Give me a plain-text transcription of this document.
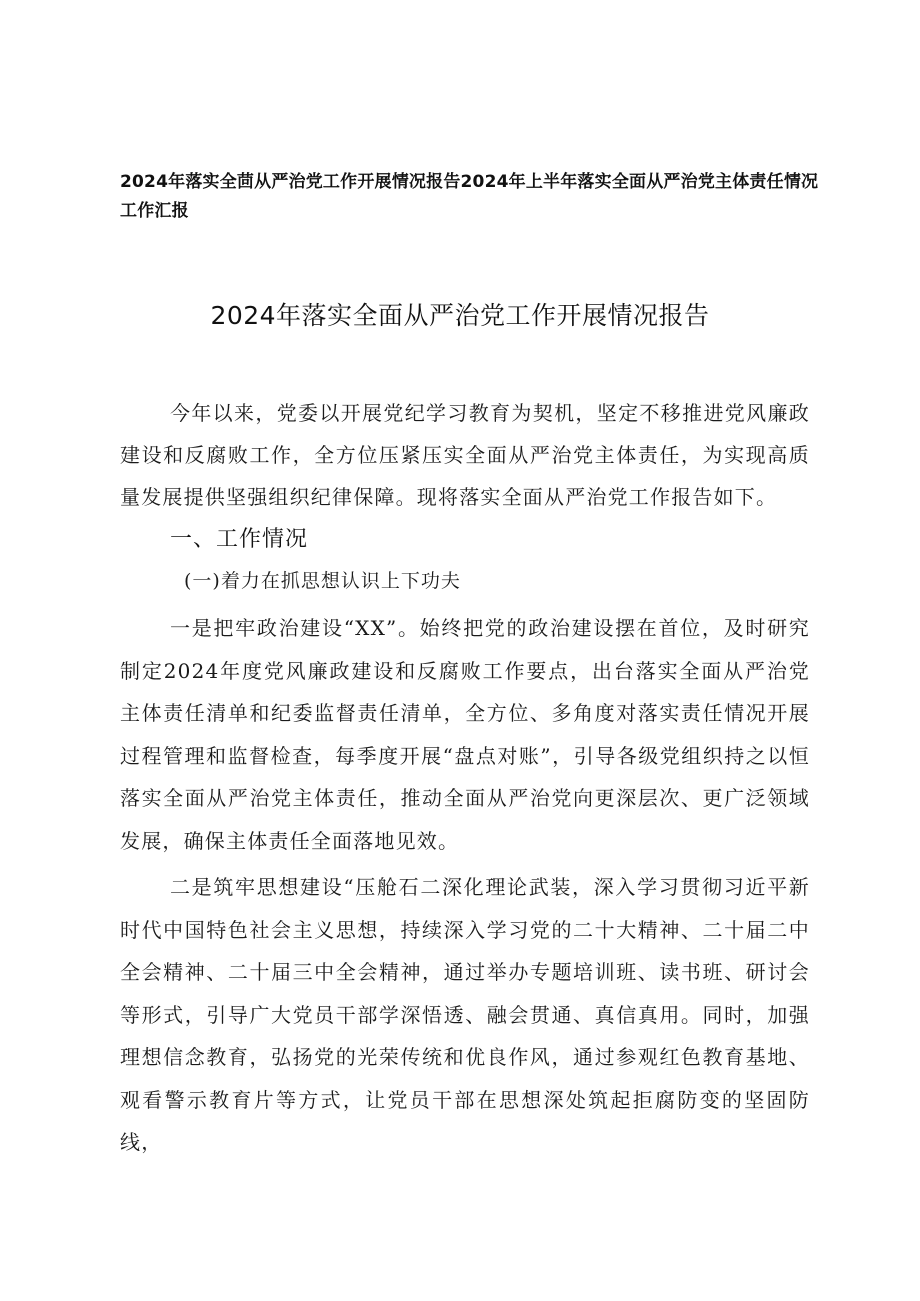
2024年落实全茴从严治党工作开展情况报告2024年上半年落实全面从严治党主体责任情况工作汇报
2024年落实全面从严治党工作开展情况报告
今年以来，党委以开展党纪学习教育为契机，坚定不移推进党风廉政建设和反腐败工作，全方位压紧压实全面从严治党主体责任，为实现高质量发展提供坚强组织纪律保障。现将落实全面从严治党工作报告如下。
一、工作情况
(一)着力在抓思想认识上下功夫
一是把牢政治建设“XX”。始终把党的政治建设摆在首位，及时研究制定2024年度党风廉政建设和反腐败工作要点，出台落实全面从严治党主体责任清单和纪委监督责任清单，全方位、多角度对落实责任情况开展过程管理和监督检查，每季度开展“盘点对账”，引导各级党组织持之以恒落实全面从严治党主体责任，推动全面从严治党向更深层次、更广泛领域发展，确保主体责任全面落地见效。
二是筑牢思想建设“压舱石二深化理论武装，深入学习贯彻习近平新时代中国特色社会主义思想，持续深入学习党的二十大精神、二十届二中全会精神、二十届三中全会精神，通过举办专题培训班、读书班、研讨会等形式，引导广大党员干部学深悟透、融会贯通、真信真用。同时，加强理想信念教育，弘扬党的光荣传统和优良作风，通过参观红色教育基地、观看警示教育片等方式，让党员干部在思想深处筑起拒腐防变的坚固防线，
